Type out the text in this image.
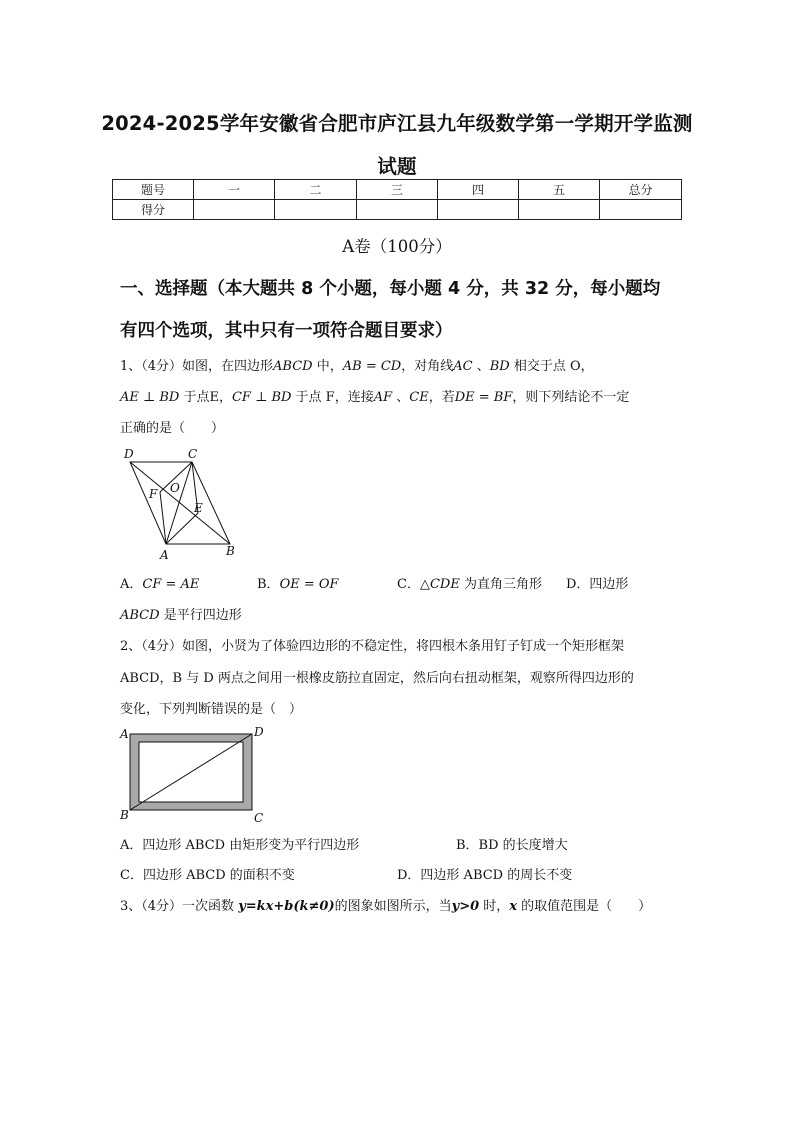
2024-2025学年安徽省合肥市庐江县九年级数学第一学期开学监测
试题
题号	一	二	三	四	五	总分
得分						
A卷（100分）
一、选择题（本大题共 8 个小题，每小题 4 分，共 32 分，每小题均
有四个选项，其中只有一项符合题目要求）
1、（4分）如图，在四边形ABCD 中，AB = CD，对角线AC 、BD 相交于点 O，
AE ⊥ BD 于点E，CF ⊥ BD 于点 F，连接AF 、CE，若DE = BF，则下列结论不一定
正确的是（　　）
D	C
F O
E
A	B
A．CF = AE	B．OE = OF	C．△CDE 为直角三角形 D．四边形
ABCD 是平行四边形
2、（4分）如图，小贤为了体验四边形的不稳定性，将四根木条用钉子钉成一个矩形框架
ABCD，B 与 D 两点之间用一根橡皮筋拉直固定，然后向右扭动框架，观察所得四边形的
变化，下列判断错误的是（　）
A	D
B	C
A．四边形 ABCD 由矩形变为平行四边形	B．BD 的长度增大
C．四边形 ABCD 的面积不变	D．四边形 ABCD 的周长不变
3、（4分）一次函数 y=kx+b(k≠0)的图象如图所示，当y>0 时，x 的取值范围是（　　）
